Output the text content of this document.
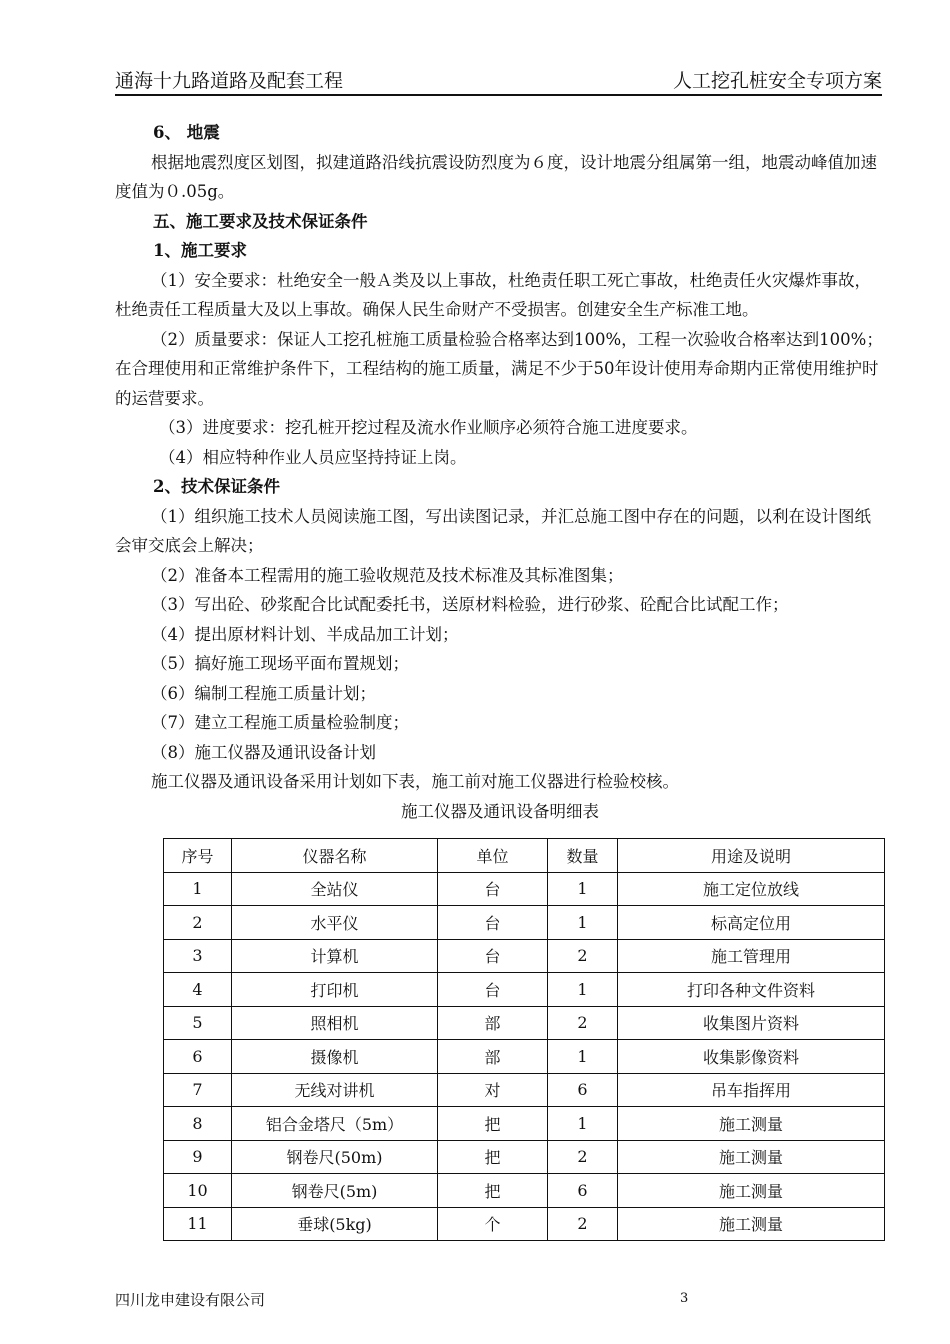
通海十九路道路及配套工程	人工挖孔桩安全专项方案

6、 地震

根据地震烈度区划图，拟建道路沿线抗震设防烈度为６度，设计地震分组属第一组，地震动峰值加速度值为０.05g。

五、施工要求及技术保证条件

1、施工要求

（1）安全要求：杜绝安全一般Ａ类及以上事故，杜绝责任职工死亡事故，杜绝责任火灾爆炸事故，杜绝责任工程质量大及以上事故。确保人民生命财产不受损害。创建安全生产标准工地。

（2）质量要求：保证人工挖孔桩施工质量检验合格率达到100%，工程一次验收合格率达到100%；在合理使用和正常维护条件下，工程结构的施工质量，满足不少于50年设计使用寿命期内正常使用维护时的运营要求。

（3）进度要求：挖孔桩开挖过程及流水作业顺序必须符合施工进度要求。

（4）相应特种作业人员应坚持持证上岗。

2、技术保证条件

（1）组织施工技术人员阅读施工图，写出读图记录，并汇总施工图中存在的问题，以利在设计图纸会审交底会上解决；

（2）准备本工程需用的施工验收规范及技术标准及其标准图集；

（3）写出砼、砂浆配合比试配委托书，送原材料检验，进行砂浆、砼配合比试配工作；

（4）提出原材料计划、半成品加工计划；

（5）搞好施工现场平面布置规划；

（6）编制工程施工质量计划；

（7）建立工程施工质量检验制度；

（8）施工仪器及通讯设备计划

施工仪器及通讯设备采用计划如下表，施工前对施工仪器进行检验校核。

施工仪器及通讯设备明细表

序号	仪器名称	单位	数量	用途及说明
1	全站仪	台	1	施工定位放线
2	水平仪	台	1	标高定位用
3	计算机	台	2	施工管理用
4	打印机	台	1	打印各种文件资料
5	照相机	部	2	收集图片资料
6	摄像机	部	1	收集影像资料
7	无线对讲机	对	6	吊车指挥用
8	铝合金塔尺（5m）	把	1	施工测量
9	钢卷尺(50m)	把	2	施工测量
10	钢卷尺(5m)	把	6	施工测量
11	垂球(5kg)	个	2	施工测量
四川龙申建设有限公司	3
